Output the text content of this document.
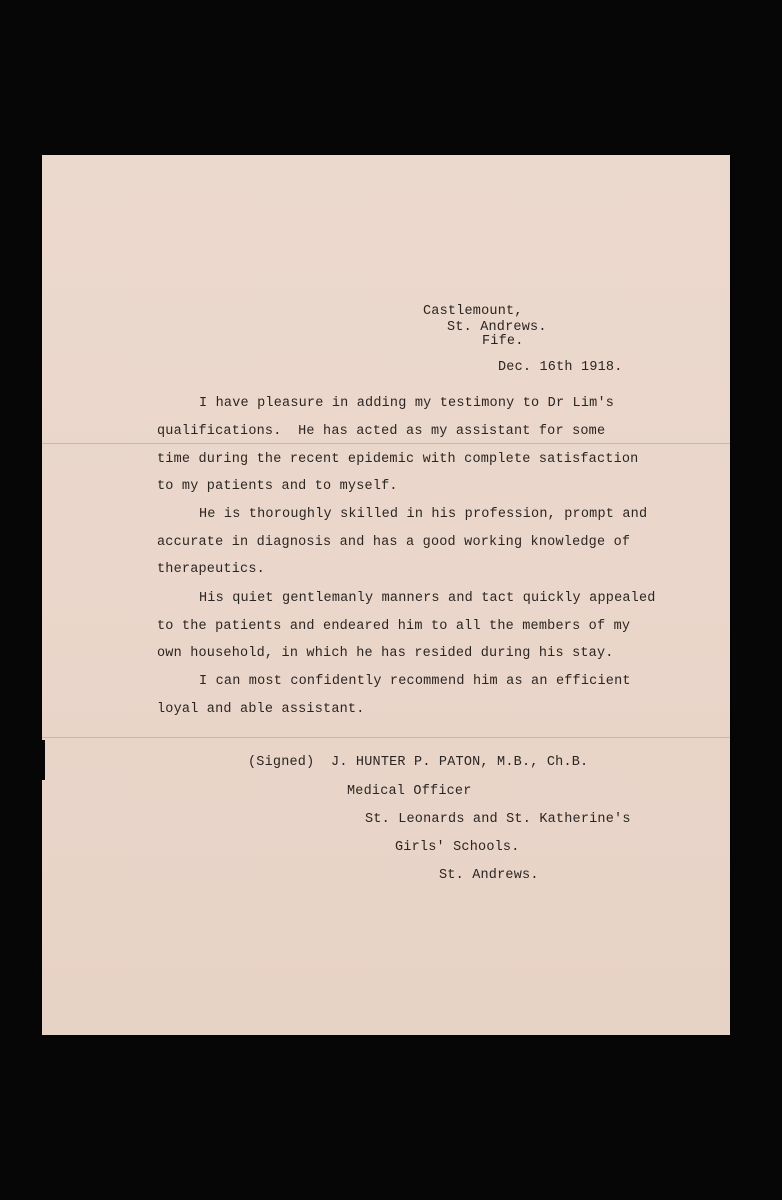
Castlemount,
St. Andrews.
Fife.
Dec. 16th 1918.
I have pleasure in adding my testimony to Dr Lim's
qualifications.  He has acted as my assistant for some
time during the recent epidemic with complete satisfaction
to my patients and to myself.
He is thoroughly skilled in his profession, prompt and
accurate in diagnosis and has a good working knowledge of
therapeutics.
His quiet gentlemanly manners and tact quickly appealed
to the patients and endeared him to all the members of my
own household, in which he has resided during his stay.
I can most confidently recommend him as an efficient
loyal and able assistant.
(Signed)  J. HUNTER P. PATON, M.B., Ch.B.
Medical Officer
St. Leonards and St. Katherine's
Girls' Schools.
St. Andrews.
